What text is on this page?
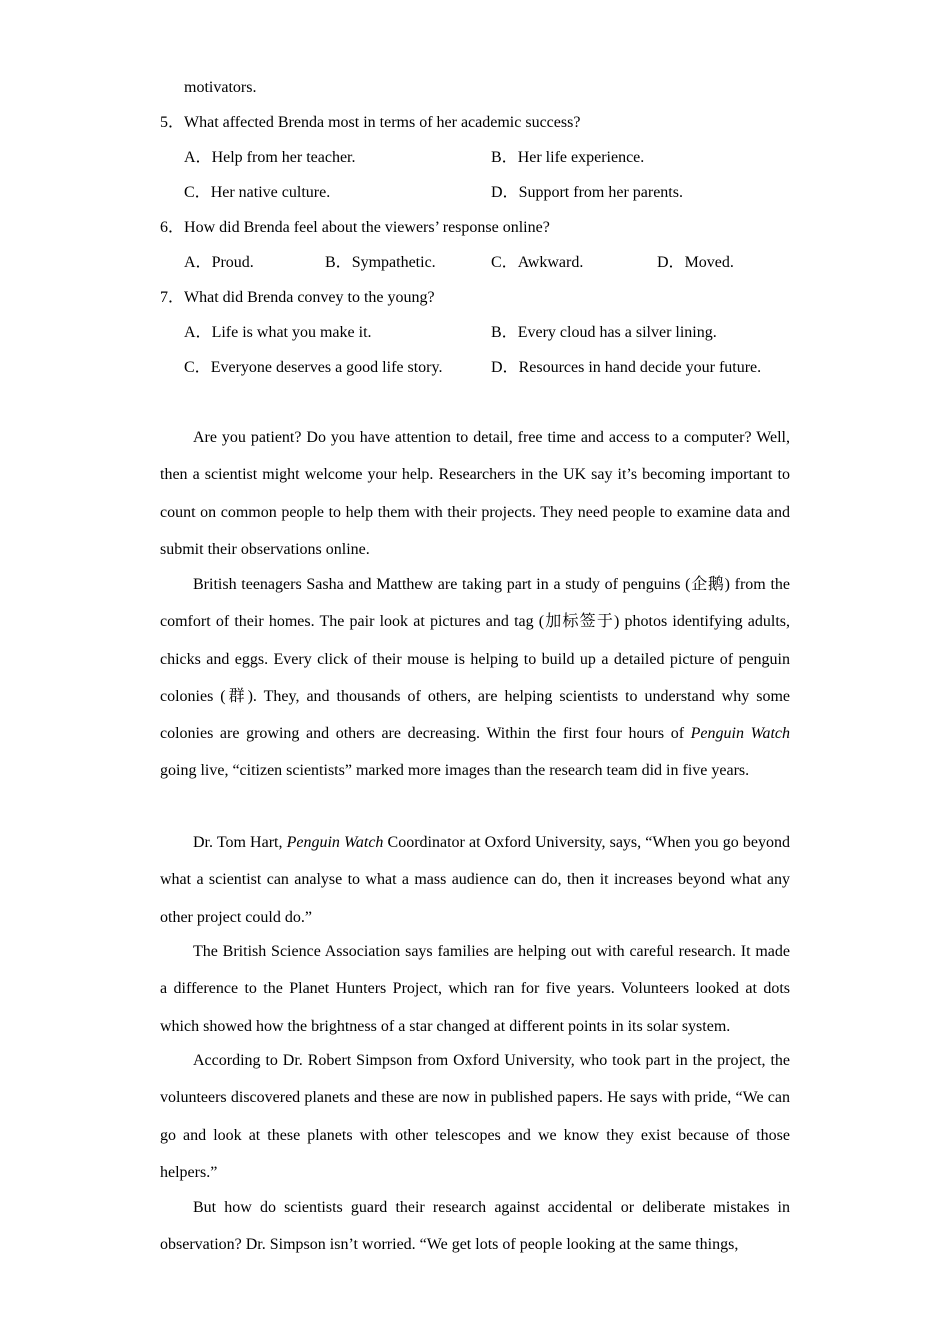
motivators.
5．What affected Brenda most in terms of her academic success?
A．Help from her teacher.	B．Her life experience.
C．Her native culture.	D．Support from her parents.
6．How did Brenda feel about the viewers’ response online?
A．Proud.	B．Sympathetic.	C．Awkward.	D．Moved.
7．What did Brenda convey to the young?
A．Life is what you make it.	B．Every cloud has a silver lining.
C．Everyone deserves a good life story.	D．Resources in hand decide your future.

Are you patient? Do you have attention to detail, free time and access to a computer? Well, then a scientist might welcome your help. Researchers in the UK say it’s becoming important to count on common people to help them with their projects. They need people to examine data and submit their observations online.

British teenagers Sasha and Matthew are taking part in a study of penguins (企鹅) from the comfort of their homes. The pair look at pictures and tag (加标签于) photos identifying adults, chicks and eggs. Every click of their mouse is helping to build up a detailed picture of penguin colonies (群). They, and thousands of others, are helping scientists to understand why some colonies are growing and others are decreasing. Within the first four hours of Penguin Watch going live, “citizen scientists” marked more images than the research team did in five years.

Dr. Tom Hart, Penguin Watch Coordinator at Oxford University, says, “When you go beyond what a scientist can analyse to what a mass audience can do, then it increases beyond what any other project could do.”

The British Science Association says families are helping out with careful research. It made a difference to the Planet Hunters Project, which ran for five years. Volunteers looked at dots which showed how the brightness of a star changed at different points in its solar system.

According to Dr. Robert Simpson from Oxford University, who took part in the project, the volunteers discovered planets and these are now in published papers. He says with pride, “We can go and look at these planets with other telescopes and we know they exist because of those helpers.”

But how do scientists guard their research against accidental or deliberate mistakes in observation? Dr. Simpson isn’t worried. “We get lots of people looking at the same things,
